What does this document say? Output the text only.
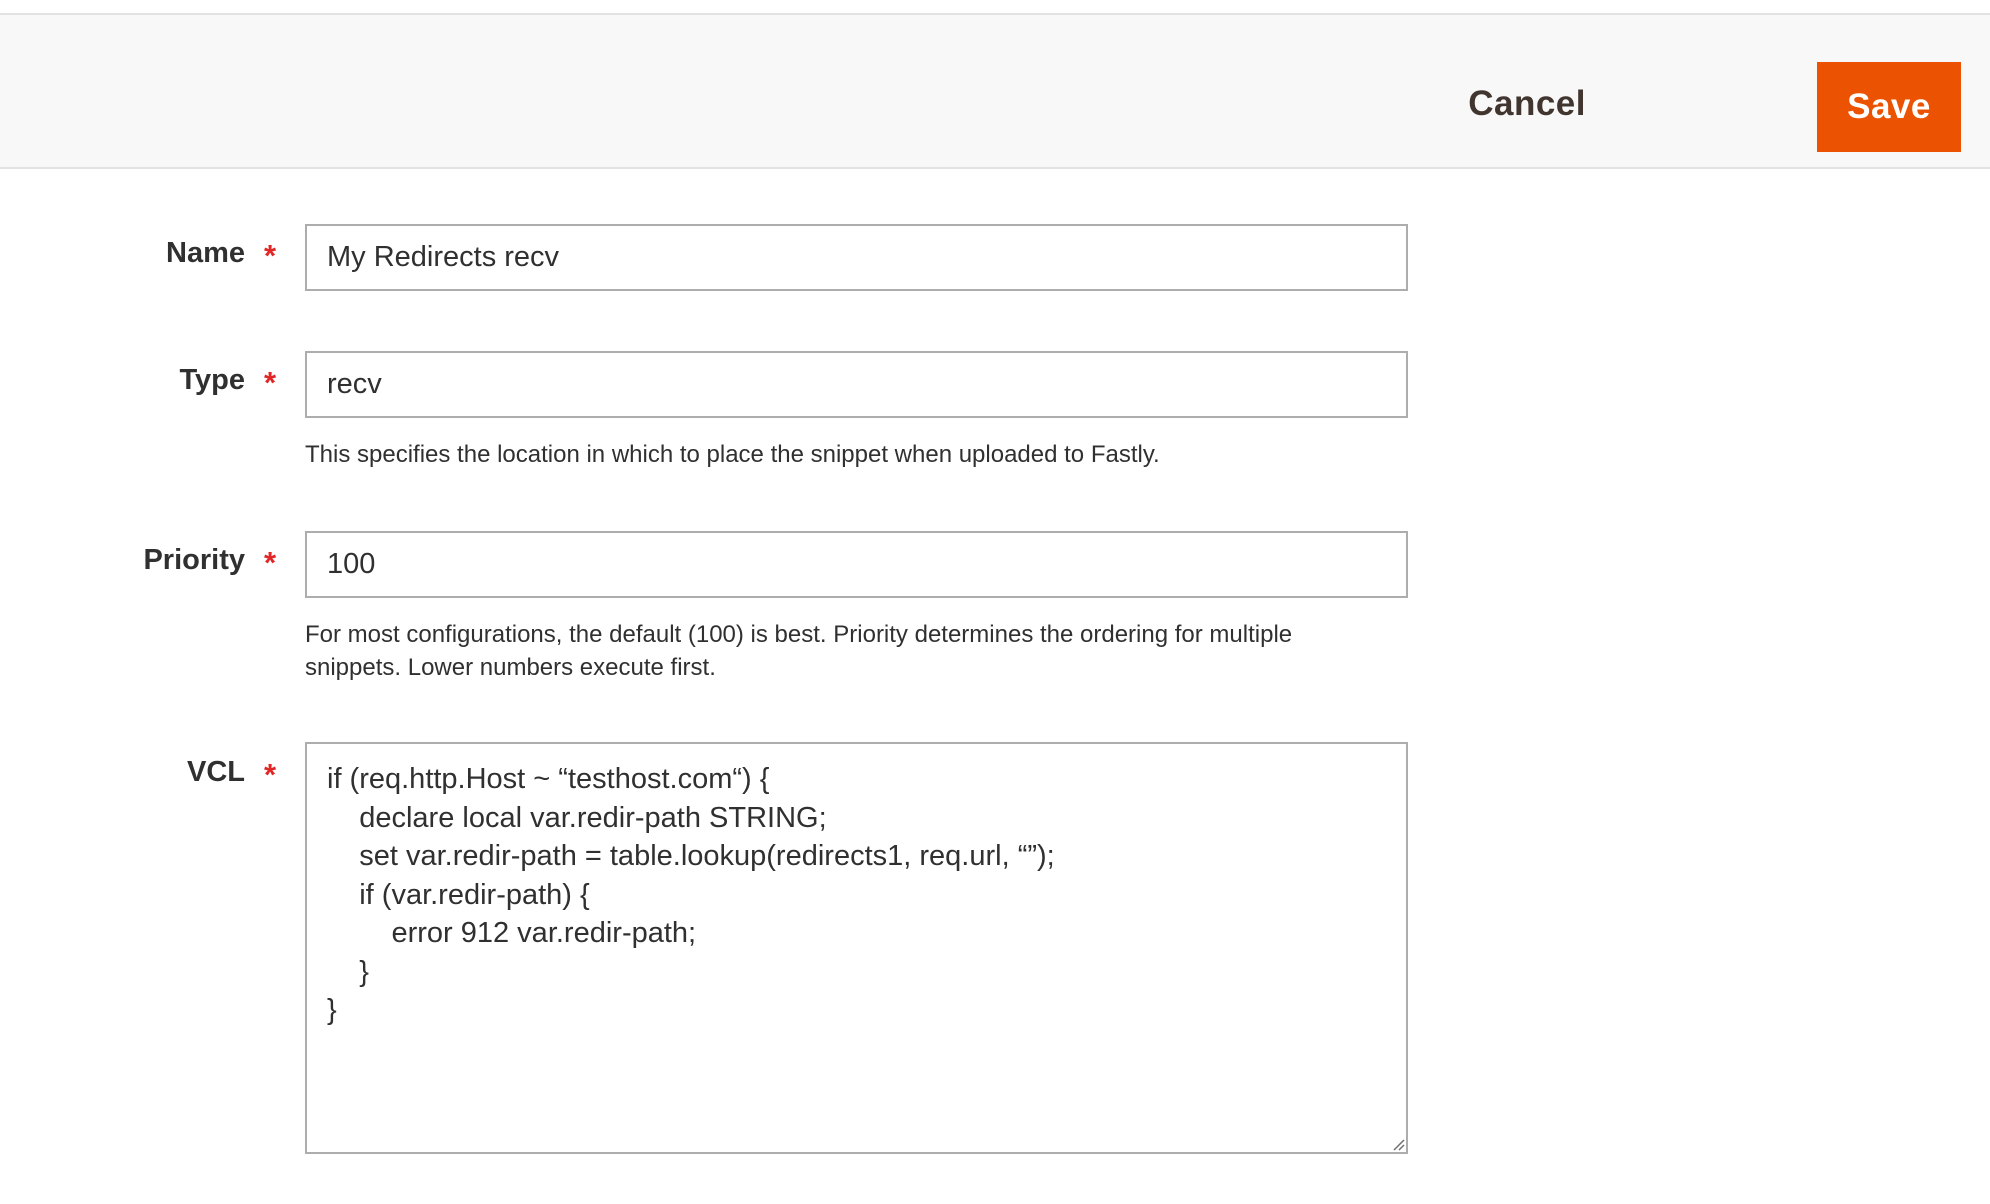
Cancel	Save
Name *
My Redirects recv
Type *
recv
This specifies the location in which to place the snippet when uploaded to Fastly.
Priority *
100
For most configurations, the default (100) is best. Priority determines the ordering for multiple
snippets. Lower numbers execute first.
VCL *
if (req.http.Host ~ “testhost.com“) { declare local var.redir-path STRING; set var.redir-path = table.lookup(redirects1, req.url, “”); if (var.redir-path) { error 912 var.redir-path; } }
